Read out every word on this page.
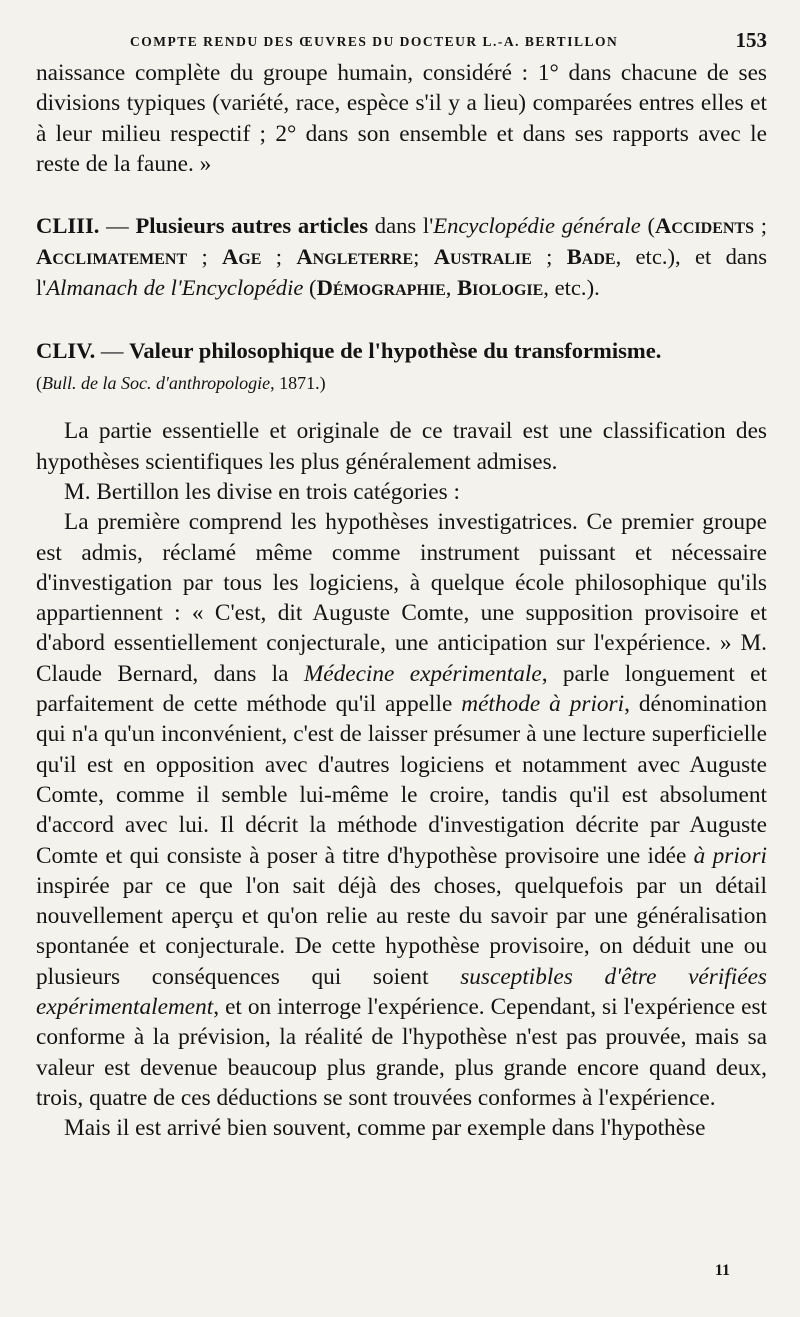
COMPTE RENDU DES ŒUVRES DU DOCTEUR L.-A. BERTILLON	153

naissance complète du groupe humain, considéré : 1° dans chacune de ses divisions typiques (variété, race, espèce s'il y a lieu) comparées entres elles et à leur milieu respectif ; 2° dans son ensemble et dans ses rapports avec le reste de la faune. »

CLIII. — Plusieurs autres articles dans l'Encyclopédie générale (Accidents ; Acclimatement ; Age ; Angleterre; Australie ; Bade, etc.), et dans l'Almanach de l'Encyclopédie (Démographie, Biologie, etc.).

CLIV. — Valeur philosophique de l'hypothèse du transformisme.

(Bull. de la Soc. d'anthropologie, 1871.)

La partie essentielle et originale de ce travail est une classification des hypothèses scientifiques les plus généralement admises.

M. Bertillon les divise en trois catégories :

La première comprend les hypothèses investigatrices. Ce premier groupe est admis, réclamé même comme instrument puissant et nécessaire d'investigation par tous les logiciens, à quelque école philosophique qu'ils appartiennent : « C'est, dit Auguste Comte, une supposition provisoire et d'abord essentiellement conjecturale, une anticipation sur l'expérience. » M. Claude Bernard, dans la Médecine expérimentale, parle longuement et parfaitement de cette méthode qu'il appelle méthode à priori, dénomination qui n'a qu'un inconvénient, c'est de laisser présumer à une lecture superficielle qu'il est en opposition avec d'autres logiciens et notamment avec Auguste Comte, comme il semble lui-même le croire, tandis qu'il est absolument d'accord avec lui. Il décrit la méthode d'investigation décrite par Auguste Comte et qui consiste à poser à titre d'hypothèse provisoire une idée à priori inspirée par ce que l'on sait déjà des choses, quelquefois par un détail nouvellement aperçu et qu'on relie au reste du savoir par une généralisation spontanée et conjecturale. De cette hypothèse provisoire, on déduit une ou plusieurs conséquences qui soient susceptibles d'être vérifiées expérimentalement, et on interroge l'expérience. Cependant, si l'expérience est conforme à la prévision, la réalité de l'hypothèse n'est pas prouvée, mais sa valeur est devenue beaucoup plus grande, plus grande encore quand deux, trois, quatre de ces déductions se sont trouvées conformes à l'expérience.

Mais il est arrivé bien souvent, comme par exemple dans l'hypothèse

11
